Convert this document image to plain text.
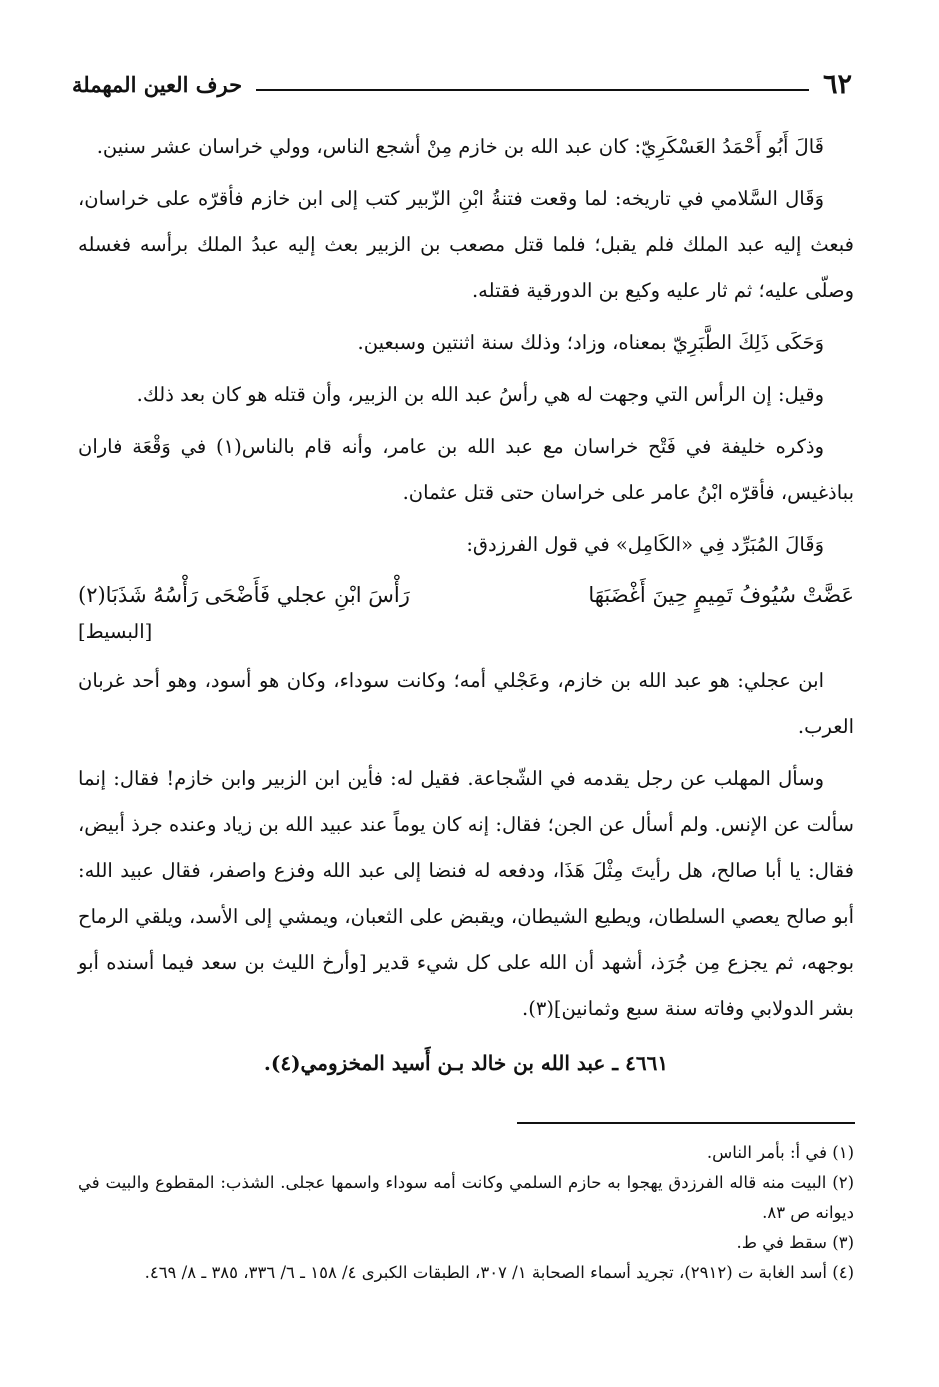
حرف العين المهملة	٦٢

قَالَ أَبُو أَحْمَدُ العَسْكَرِيّ: كان عبد الله بن خازم مِنْ أشجع الناس، وولي خراسان عشر سنين.

وَقَال السَّلامي في تاريخه: لما وقعت فتنةُ ابْنِ الزّبير كتب إلى ابن خازم فأقرّه على خراسان، فبعث إليه عبد الملك فلم يقبل؛ فلما قتل مصعب بن الزبير بعث إليه عبدُ الملك برأسه فغسله وصلّى عليه؛ ثم ثار عليه وكيع بن الدورقية فقتله.

وَحَكَى ذَلِكَ الطَّبَرِيّ بمعناه، وزاد؛ وذلك سنة اثنتين وسبعين.

وقيل: إن الرأس التي وجهت له هي رأسُ عبد الله بن الزبير، وأن قتله هو كان بعد ذلك.

وذكره خليفة في فَتْح خراسان مع عبد الله بن عامر، وأنه قام بالناس(١) في وَقْعَة فاران بباذغيس، فأقرّه ابْنُ عامر على خراسان حتى قتل عثمان.

وَقَالَ المُبَرِّد فِي «الكَامِل» في قول الفرزدق:

عَضَّتْ سُيُوفُ تَمِيمٍ حِينَ أَغْضَبَهَا
رَأْسَ ابْنِ عجلي فَأَضْحَى رَأْسُهُ شَذَبَا(٢)
[البسيط]

ابن عجلي: هو عبد الله بن خازم، وعَجْلي أمه؛ وكانت سوداء، وكان هو أسود، وهو أحد غربان العرب.

وسأل المهلب عن رجل يقدمه في الشّجاعة. فقيل له: فأين ابن الزبير وابن خازم! فقال: إنما سألت عن الإنس. ولم أسأل عن الجن؛ فقال: إنه كان يوماً عند عبيد الله بن زياد وعنده جرذ أبيض، فقال: يا أبا صالح، هل رأيتَ مِثْلَ هَذَا، ودفعه له فنضا إلى عبد الله وفزع واصفر، فقال عبيد الله: أبو صالح يعصي السلطان، ويطيع الشيطان، ويقبض على الثعبان، ويمشي إلى الأسد، ويلقي الرماح بوجهه، ثم يجزع مِن جُرَذ، أشهد أن الله على كل شيء قدير [وأرخ الليث بن سعد فيما أسنده أبو بشر الدولابي وفاته سنة سبع وثمانين](٣).

٤٦٦١ ـ عبد الله بن خالد بـن أَسيد المخزومي(٤).
(١) في أ: بأمر الناس.
(٢) البيت منه قاله الفرزدق يهجوا به حازم السلمي وكانت أمه سوداء واسمها عجلى. الشذب: المقطوع والبيت في ديوانه ص ٨٣.
(٣) سقط في ط.
(٤) أسد الغابة ت (٢٩١٢)، تجريد أسماء الصحابة ١/ ٣٠٧، الطبقات الكبرى ٤/ ١٥٨ ـ ٦/ ٣٣٦، ٣٨٥ ـ ٨/ ٤٦٩.
